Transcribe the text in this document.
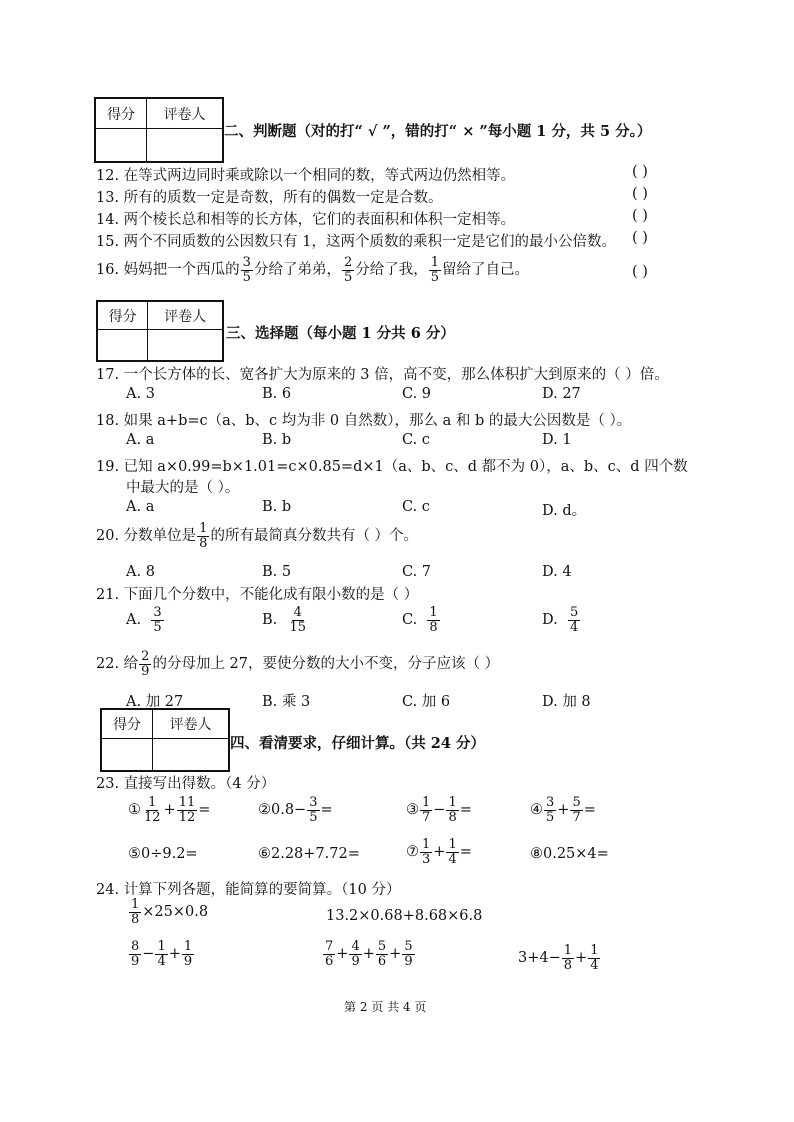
得分	评卷人

二、判断题（对的打“ √ ”，错的打“ × ”每小题 1 分，共 5 分。）
12. 在等式两边同时乘或除以一个相同的数，等式两边仍然相等。	( )
13. 所有的质数一定是奇数，所有的偶数一定是合数。	( )
14. 两个棱长总和相等的长方体，它们的表面积和体积一定相等。	( )
15. 两个不同质数的公因数只有 1，这两个质数的乘积一定是它们的最小公倍数。 ( )
16. 妈妈把一个西瓜的 $\frac{3}{5}$ 分给了弟弟， $\frac{2}{5}$ 分给了我， $\frac{1}{5}$ 留给了自己。	( )
得分	评卷人

三、选择题（每小题 1 分共 6 分）
17. 一个长方体的长、宽各扩大为原来的 3 倍，高不变，那么体积扩大到原来的（ ）倍。
A. 3	B. 6	C. 9	D. 27
18. 如果 a+b=c（a、b、c 均为非 0 自然数），那么 a 和 b 的最大公因数是（ ）。
A. a	B. b	C. c	D. 1
19. 已知 a×0.99=b×1.01=c×0.85=d×1（a、b、c、d 都不为 0），a、b、c、d 四个数
中最大的是（ ）。
A. a	B. b	C. c	D. d。
20. 分数单位是 $\frac{1}{8}$ 的所有最简真分数共有（ ）个。
A. 8	B. 5	C. 7	D. 4
21. 下面几个分数中，不能化成有限小数的是（ ）
A. $\frac{3}{5}$	B. $\frac{4}{15}$	C. $\frac{1}{8}$	D. $\frac{5}{4}$
22. 给 $\frac{2}{9}$ 的分母加上 27，要使分数的大小不变，分子应该（ ）
A. 加 27	B. 乘 3	C. 加 6	D. 加 8
得分	评卷人

四、看清要求，仔细计算。（共 24 分）
23. 直接写出得数。（4 分）
① $\frac{1}{12} + \frac{11}{12}$ =	②0.8− $\frac{3}{5}$ =	③ $\frac{1}{7} - \frac{1}{8}$ =	④ $\frac{3}{5} + \frac{5}{7}$ =
⑤0÷9.2=	⑥2.28+7.72=	⑦ $\frac{1}{3} + \frac{1}{4}$ =	⑧0.25×4=
24. 计算下列各题，能简算的要简算。（10 分）
$\frac{1}{8} \times 25\times 0.8$	13.2×0.68+8.68×6.8
$\frac{8}{9} - \frac{1}{4} + \frac{1}{9}$	$\frac{7}{6} + \frac{4}{9} + \frac{5}{6} + \frac{5}{9}$	$3+4- \frac{1}{8} + \frac{1}{4}$
第 2 页 共 4 页
